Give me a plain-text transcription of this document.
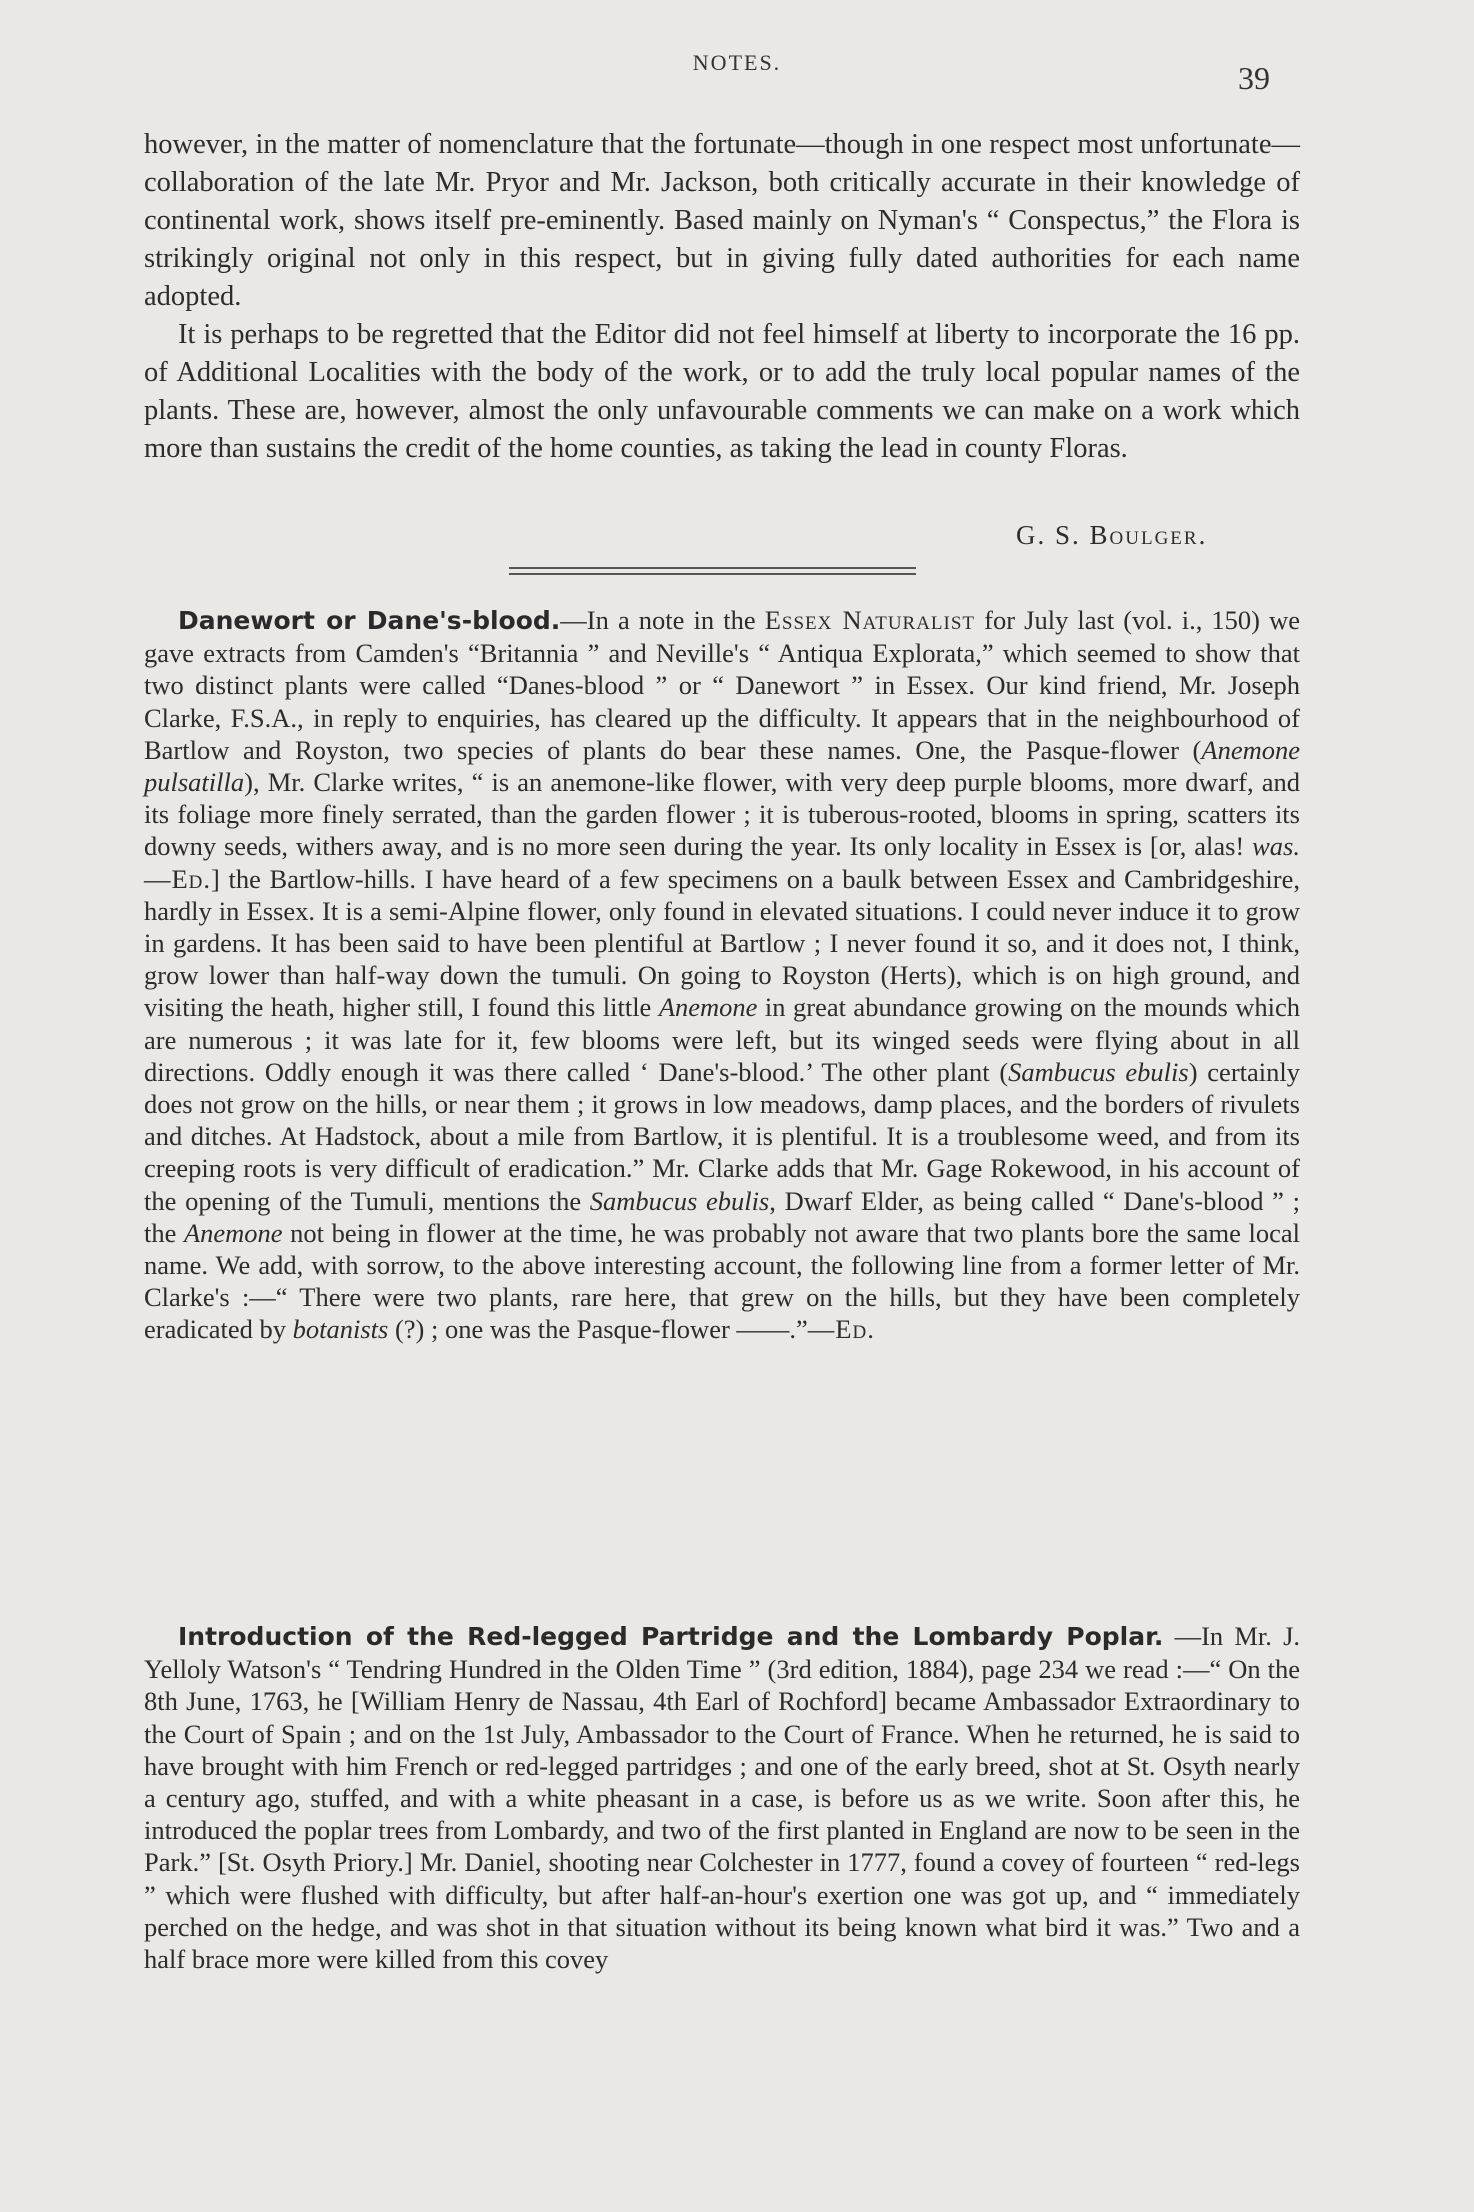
NOTES.	39

however, in the matter of nomenclature that the fortunate—though in one respect most unfortunate—collaboration of the late Mr. Pryor and Mr. Jackson, both critically accurate in their knowledge of continental work, shows itself pre-eminently. Based mainly on Nyman's “ Conspectus,” the Flora is strikingly original not only in this respect, but in giving fully dated authorities for each name adopted.

It is perhaps to be regretted that the Editor did not feel himself at liberty to incorporate the 16 pp. of Additional Localities with the body of the work, or to add the truly local popular names of the plants. These are, however, almost the only unfavourable comments we can make on a work which more than sustains the credit of the home counties, as taking the lead in county Floras.

G. S. Boulger.

Danewort or Dane's-blood.—In a note in the Essex Naturalist for July last (vol. i., 150) we gave extracts from Camden's “Britannia ” and Neville's “ Antiqua Explorata,” which seemed to show that two distinct plants were called “Danes-blood ” or “ Danewort ” in Essex. Our kind friend, Mr. Joseph Clarke, F.S.A., in reply to enquiries, has cleared up the difficulty. It appears that in the neighbourhood of Bartlow and Royston, two species of plants do bear these names. One, the Pasque-flower (Anemone pulsatilla), Mr. Clarke writes, “ is an anemone-like flower, with very deep purple blooms, more dwarf, and its foliage more finely serrated, than the garden flower ; it is tuberous-rooted, blooms in spring, scatters its downy seeds, withers away, and is no more seen during the year. Its only locality in Essex is [or, alas! was.—Ed.] the Bartlow-hills. I have heard of a few specimens on a baulk between Essex and Cambridgeshire, hardly in Essex. It is a semi-Alpine flower, only found in elevated situations. I could never induce it to grow in gardens. It has been said to have been plentiful at Bartlow ; I never found it so, and it does not, I think, grow lower than half-way down the tumuli. On going to Royston (Herts), which is on high ground, and visiting the heath, higher still, I found this little Anemone in great abundance growing on the mounds which are numerous ; it was late for it, few blooms were left, but its winged seeds were flying about in all directions. Oddly enough it was there called ‘ Dane's-blood.’ The other plant (Sambucus ebulis) certainly does not grow on the hills, or near them ; it grows in low meadows, damp places, and the borders of rivulets and ditches. At Hadstock, about a mile from Bartlow, it is plentiful. It is a troublesome weed, and from its creeping roots is very difficult of eradication.” Mr. Clarke adds that Mr. Gage Rokewood, in his account of the opening of the Tumuli, mentions the Sambucus ebulis, Dwarf Elder, as being called “ Dane's-blood ” ; the Anemone not being in flower at the time, he was probably not aware that two plants bore the same local name. We add, with sorrow, to the above interesting account, the following line from a former letter of Mr. Clarke's :—“ There were two plants, rare here, that grew on the hills, but they have been completely eradicated by botanists (?) ; one was the Pasque-flower ——.”—Ed.

Introduction of the Red-legged Partridge and the Lombardy Poplar. —In Mr. J. Yelloly Watson's “ Tendring Hundred in the Olden Time ” (3rd edition, 1884), page 234 we read :—“ On the 8th June, 1763, he [William Henry de Nassau, 4th Earl of Rochford] became Ambassador Extraordinary to the Court of Spain ; and on the 1st July, Ambassador to the Court of France. When he returned, he is said to have brought with him French or red-legged partridges ; and one of the early breed, shot at St. Osyth nearly a century ago, stuffed, and with a white pheasant in a case, is before us as we write. Soon after this, he introduced the poplar trees from Lombardy, and two of the first planted in England are now to be seen in the Park.” [St. Osyth Priory.] Mr. Daniel, shooting near Colchester in 1777, found a covey of fourteen “ red-legs ” which were flushed with difficulty, but after half-an-hour's exertion one was got up, and “ immediately perched on the hedge, and was shot in that situation without its being known what bird it was.” Two and a half brace more were killed from this covey
